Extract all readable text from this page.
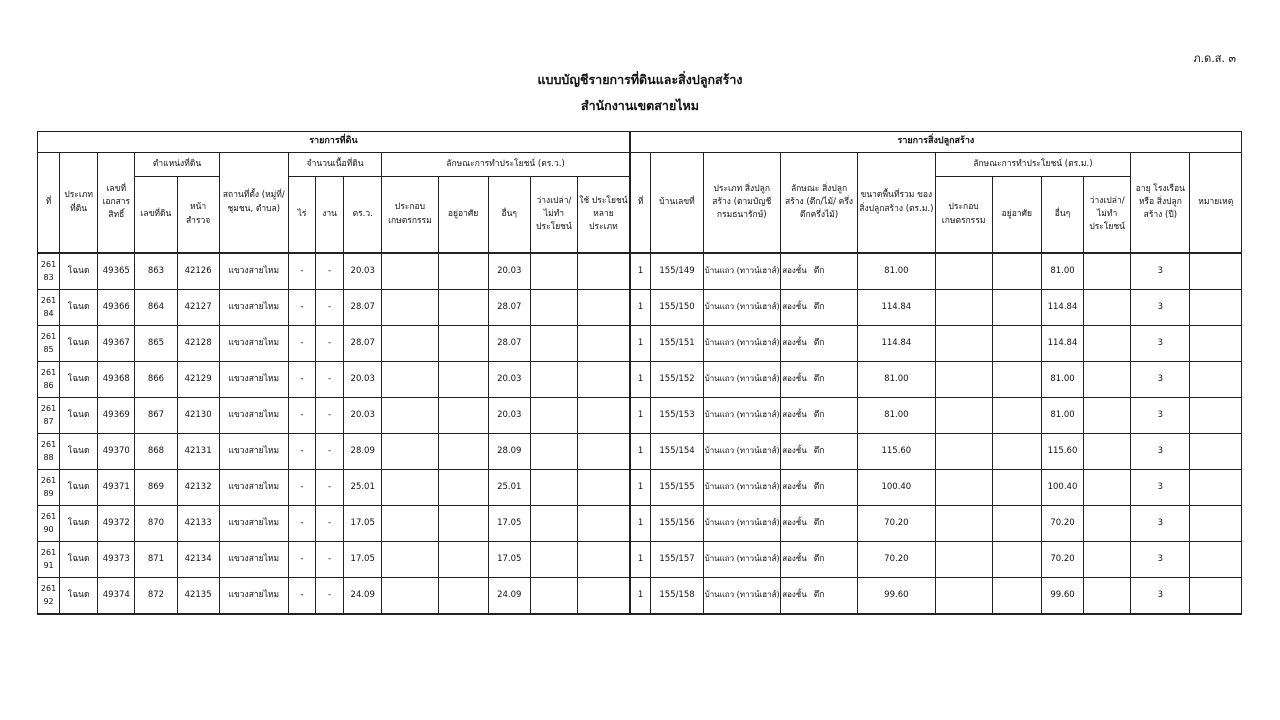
ภ.ด.ส. ๓
แบบบัญชีรายการที่ดินและสิ่งปลูกสร้าง
สำนักงานเขตสายไหม
รายการที่ดิน														รายการสิ่งปลูกสร้าง										
ที่	ประเภท ที่ดิน	เลขที่ เอกสาร สิทธิ์	ตำแหน่งที่ดิน		สถานที่ตั้ง (หมู่ที่/ชุมชน, ตำบล)	จำนวนเนื้อที่ดิน			ลักษณะการทำประโยชน์ (ตร.ว.)					ที่	บ้านเลขที่	ประเภท สิ่งปลูกสร้าง (ตามบัญชี กรมธนารักษ์)	ลักษณะ สิ่งปลูกสร้าง (ตึก/ไม้/ ครึ่งตึกครึ่งไม้)	ขนาดพื้นที่รวม ของสิ่งปลูกสร้าง (ตร.ม.)	ลักษณะการทำประโยชน์ (ตร.ม.)				อายุ โรงเรือนหรือ สิ่งปลูกสร้าง (ปี)	หมายเหตุ
			เลขที่ดิน	หน้า สำรวจ		ไร่	งาน	ตร.ว.	ประกอบ เกษตรกรรม	อยู่อาศัย	อื่นๆ	ว่างเปล่า/ ไม่ทำ ประโยชน์	ใช้ ประโยชน์ หลาย ประเภท						ประกอบ เกษตรกรรม	อยู่อาศัย	อื่นๆ	ว่างเปล่า/ ไม่ทำ ประโยชน์		
261 83	โฉนด	49365	863	42126	แขวงสายไหม	-	-	20.03			20.03			1	155/149	บ้านแถว (ทาวน์เฮาส์) สองชั้น	ตึก	81.00			81.00		3	
261 84	โฉนด	49366	864	42127	แขวงสายไหม	-	-	28.07			28.07			1	155/150	บ้านแถว (ทาวน์เฮาส์) สองชั้น	ตึก	114.84			114.84		3	
261 85	โฉนด	49367	865	42128	แขวงสายไหม	-	-	28.07			28.07			1	155/151	บ้านแถว (ทาวน์เฮาส์) สองชั้น	ตึก	114.84			114.84		3	
261 86	โฉนด	49368	866	42129	แขวงสายไหม	-	-	20.03			20.03			1	155/152	บ้านแถว (ทาวน์เฮาส์) สองชั้น	ตึก	81.00			81.00		3	
261 87	โฉนด	49369	867	42130	แขวงสายไหม	-	-	20.03			20.03			1	155/153	บ้านแถว (ทาวน์เฮาส์) สองชั้น	ตึก	81.00			81.00		3	
261 88	โฉนด	49370	868	42131	แขวงสายไหม	-	-	28.09			28.09			1	155/154	บ้านแถว (ทาวน์เฮาส์) สองชั้น	ตึก	115.60			115.60		3	
261 89	โฉนด	49371	869	42132	แขวงสายไหม	-	-	25.01			25.01			1	155/155	บ้านแถว (ทาวน์เฮาส์) สองชั้น	ตึก	100.40			100.40		3	
261 90	โฉนด	49372	870	42133	แขวงสายไหม	-	-	17.05			17.05			1	155/156	บ้านแถว (ทาวน์เฮาส์) สองชั้น	ตึก	70.20			70.20		3	
261 91	โฉนด	49373	871	42134	แขวงสายไหม	-	-	17.05			17.05			1	155/157	บ้านแถว (ทาวน์เฮาส์) สองชั้น	ตึก	70.20			70.20		3	
261 92	โฉนด	49374	872	42135	แขวงสายไหม	-	-	24.09			24.09			1	155/158	บ้านแถว (ทาวน์เฮาส์) สองชั้น	ตึก	99.60			99.60		3	
